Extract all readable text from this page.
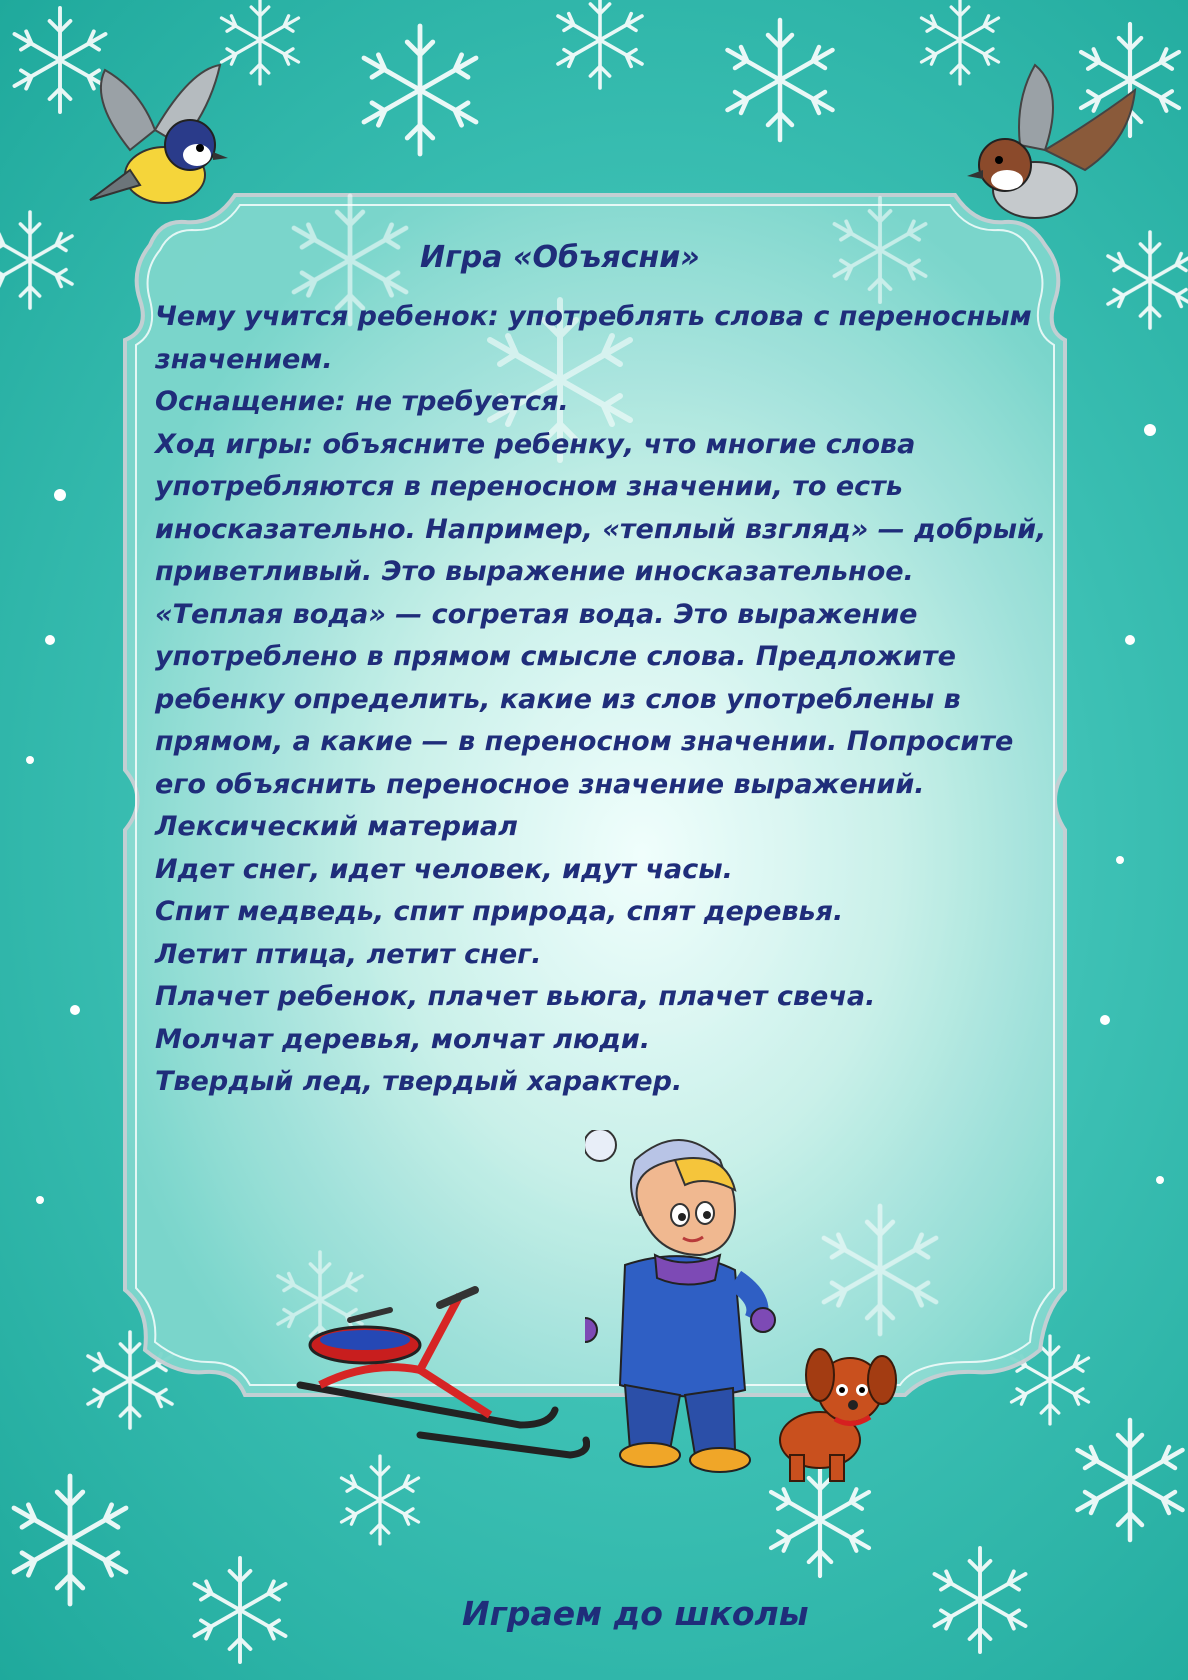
Игра «Объясни»
Чему учится ребенок: употреблять слова с переносным
значением.
Оснащение: не требуется.
Ход игры: объясните ребенку, что многие слова
употребляются в переносном значении, то есть
иносказательно. Например, «теплый взгляд» — добрый,
приветливый. Это выражение иносказательное.
«Теплая вода» — согретая вода. Это выражение
употреблено в прямом смысле слова. Предложите
ребенку определить, какие из слов употреблены в
прямом, а какие — в переносном значении. Попросите
его объяснить переносное значение выражений.
Лексический материал
Идет снег, идет человек, идут часы.
Спит медведь, спит природа, спят деревья.
Летит птица, летит снег.
Плачет ребенок, плачет вьюга, плачет свеча.
Молчат деревья, молчат люди.
Твердый лед, твердый характер.
Играем до школы
